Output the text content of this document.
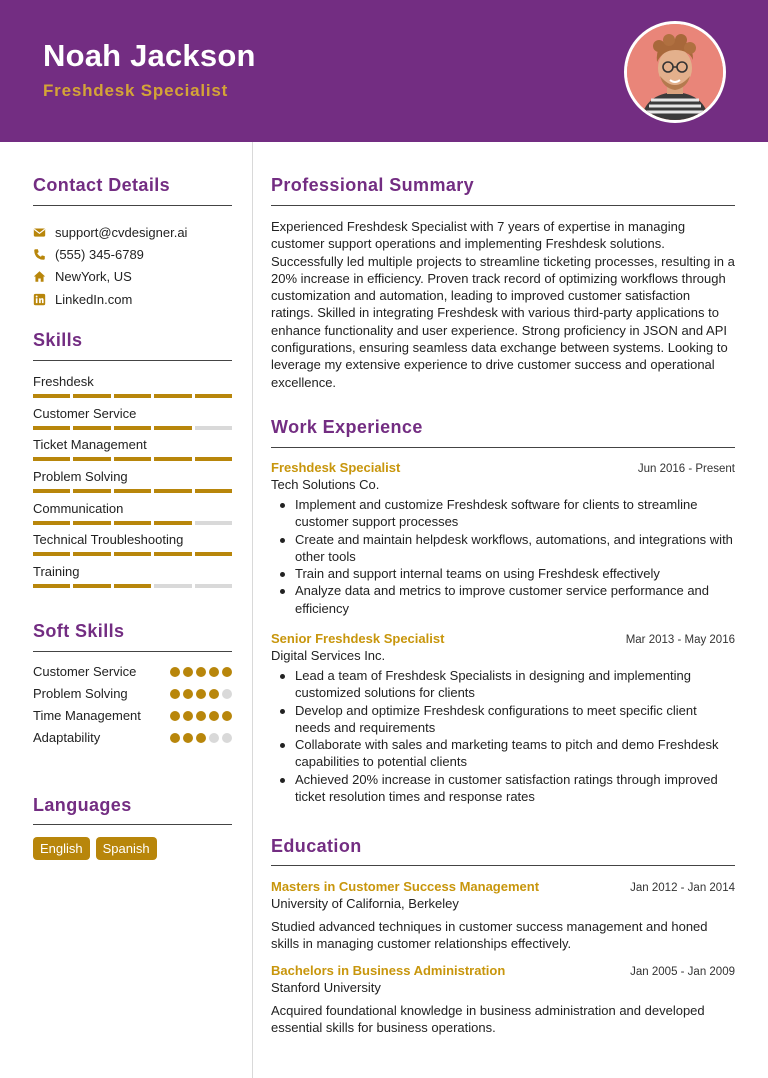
Noah Jackson
Freshdesk Specialist
Contact Details
support@cvdesigner.ai
(555) 345-6789
NewYork, US
LinkedIn.com
Skills
Freshdesk
Customer Service
Ticket Management
Problem Solving
Communication
Technical Troubleshooting
Training
Soft Skills
Customer Service
Problem Solving
Time Management
Adaptability
Languages
English	Spanish
Professional Summary
Experienced Freshdesk Specialist with 7 years of expertise in managing customer support operations and implementing Freshdesk solutions. Successfully led multiple projects to streamline ticketing processes, resulting in a 20% increase in efficiency. Proven track record of optimizing workflows through customization and automation, leading to improved customer satisfaction ratings. Skilled in integrating Freshdesk with various third-party applications to enhance functionality and user experience. Strong proficiency in JSON and API configurations, ensuring seamless data exchange between systems. Looking to leverage my extensive experience to drive customer success and operational excellence.
Work Experience
Freshdesk Specialist	Jun 2016 - Present
Tech Solutions Co.
Implement and customize Freshdesk software for clients to streamline customer support processes
Create and maintain helpdesk workflows, automations, and integrations with other tools
Train and support internal teams on using Freshdesk effectively
Analyze data and metrics to improve customer service performance and efficiency
Senior Freshdesk Specialist	Mar 2013 - May 2016
Digital Services Inc.
Lead a team of Freshdesk Specialists in designing and implementing customized solutions for clients
Develop and optimize Freshdesk configurations to meet specific client needs and requirements
Collaborate with sales and marketing teams to pitch and demo Freshdesk capabilities to potential clients
Achieved 20% increase in customer satisfaction ratings through improved ticket resolution times and response rates
Education
Masters in Customer Success Management	Jan 2012 - Jan 2014
University of California, Berkeley
Studied advanced techniques in customer success management and honed skills in managing customer relationships effectively.
Bachelors in Business Administration	Jan 2005 - Jan 2009
Stanford University
Acquired foundational knowledge in business administration and developed essential skills for business operations.
